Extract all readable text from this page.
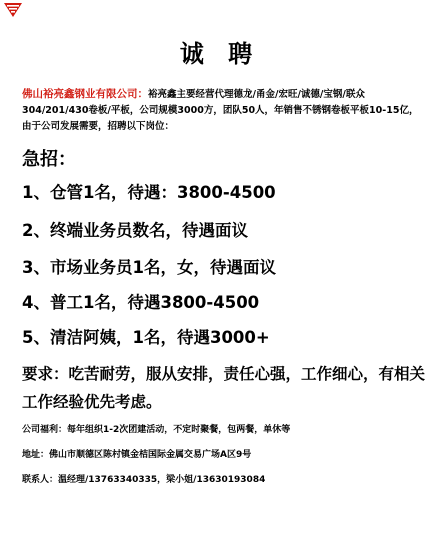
诚 聘
佛山裕亮鑫钢业有限公司：裕亮鑫主要经营代理德龙/甬金/宏旺/诚德/宝钢/联众304/201/430卷板/平板，公司规模3000方，团队50人，年销售不锈钢卷板平板10-15亿，由于公司发展需要，招聘以下岗位：
急招：
1、仓管1名，待遇：3800-4500
2、终端业务员数名，待遇面议
3、市场业务员1名，女，待遇面议
4、普工1名，待遇3800-4500
5、清洁阿姨，1名，待遇3000+
要求：吃苦耐劳，服从安排，责任心强，工作细心，有相关工作经验优先考虑。
公司福利：每年组织1-2次团建活动，不定时聚餐，包两餐，单休等
地址：佛山市顺德区陈村镇金桔国际金属交易广场A区9号
联系人：温经理/13763340335，梁小姐/13630193084
